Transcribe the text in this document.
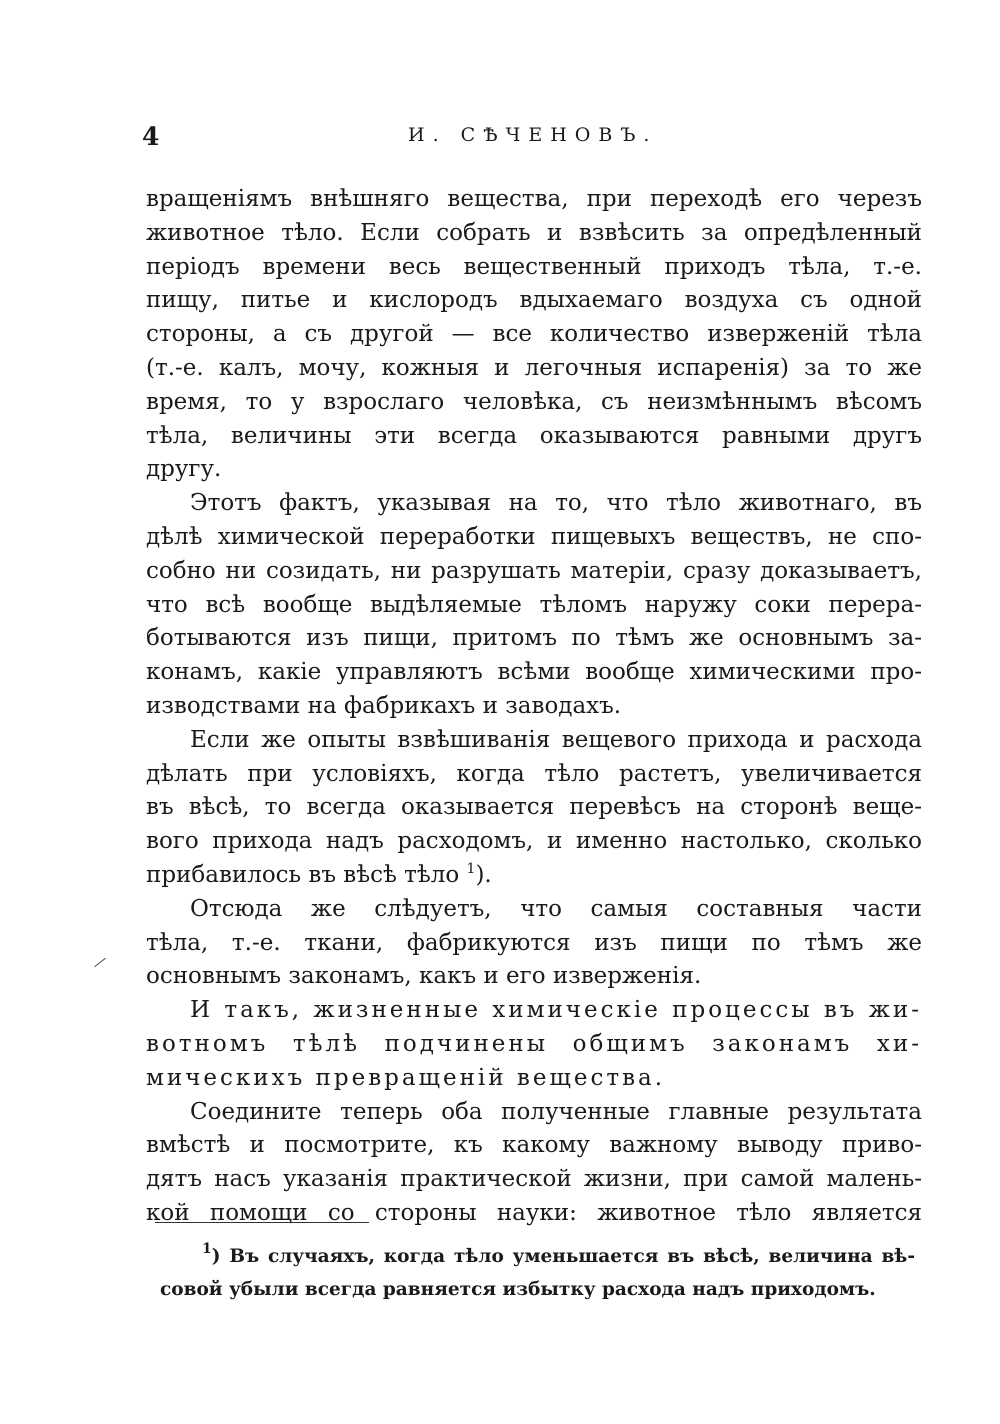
4	И. СѢЧЕНОВЪ.
вращеніямъ внѣшняго вещества, при переходѣ его черезъ
животное тѣло. Если собрать и взвѣсить за опредѣленный
періодъ времени весь вещественный приходъ тѣла, т.-е.
пищу, питье и кислородъ вдыхаемаго воздуха съ одной
стороны, а съ другой — все количество изверженій тѣла
(т.-е. калъ, мочу, кожныя и легочныя испаренія) за то же
время, то у взрослаго человѣка, съ неизмѣннымъ вѣсомъ
тѣла, величины эти всегда оказываются равными другъ
другу.
Этотъ фактъ, указывая на то, что тѣло животнаго, въ
дѣлѣ химической переработки пищевыхъ веществъ, не спо-
собно ни созидать, ни разрушать матеріи, сразу доказываетъ,
что всѣ вообще выдѣляемые тѣломъ наружу соки перера-
ботываются изъ пищи, притомъ по тѣмъ же основнымъ за-
конамъ, какіе управляютъ всѣми вообще химическими про-
изводствами на фабрикахъ и заводахъ.
Если же опыты взвѣшиванія вещевого прихода и расхода
дѣлать при условіяхъ, когда тѣло растетъ, увеличивается
въ вѣсѣ, то всегда оказывается перевѣсъ на сторонѣ веще-
вого прихода надъ расходомъ, и именно настолько, сколько
прибавилось въ вѣсѣ тѣло $^1$).
Отсюда же слѣдуетъ, что самыя составныя части
тѣла, т.-е. ткани, фабрикуются изъ пищи по тѣмъ же
основнымъ законамъ, какъ и его изверженія.
И такъ, жизненные химическіе процессы въ жи-
вотномъ тѣлѣ подчинены общимъ законамъ хи-
мическихъ превращеній вещества.
Соедините теперь оба полученные главные результата
вмѣстѣ и посмотрите, къ какому важному выводу приво-
дятъ насъ указанія практической жизни, при самой малень-
кой помощи со стороны науки: животное тѣло является
$^1$) Въ случаяхъ, когда тѣло уменьшается въ вѣсѣ, величина вѣ-
совой убыли всегда равняется избытку расхода надъ приходомъ.
